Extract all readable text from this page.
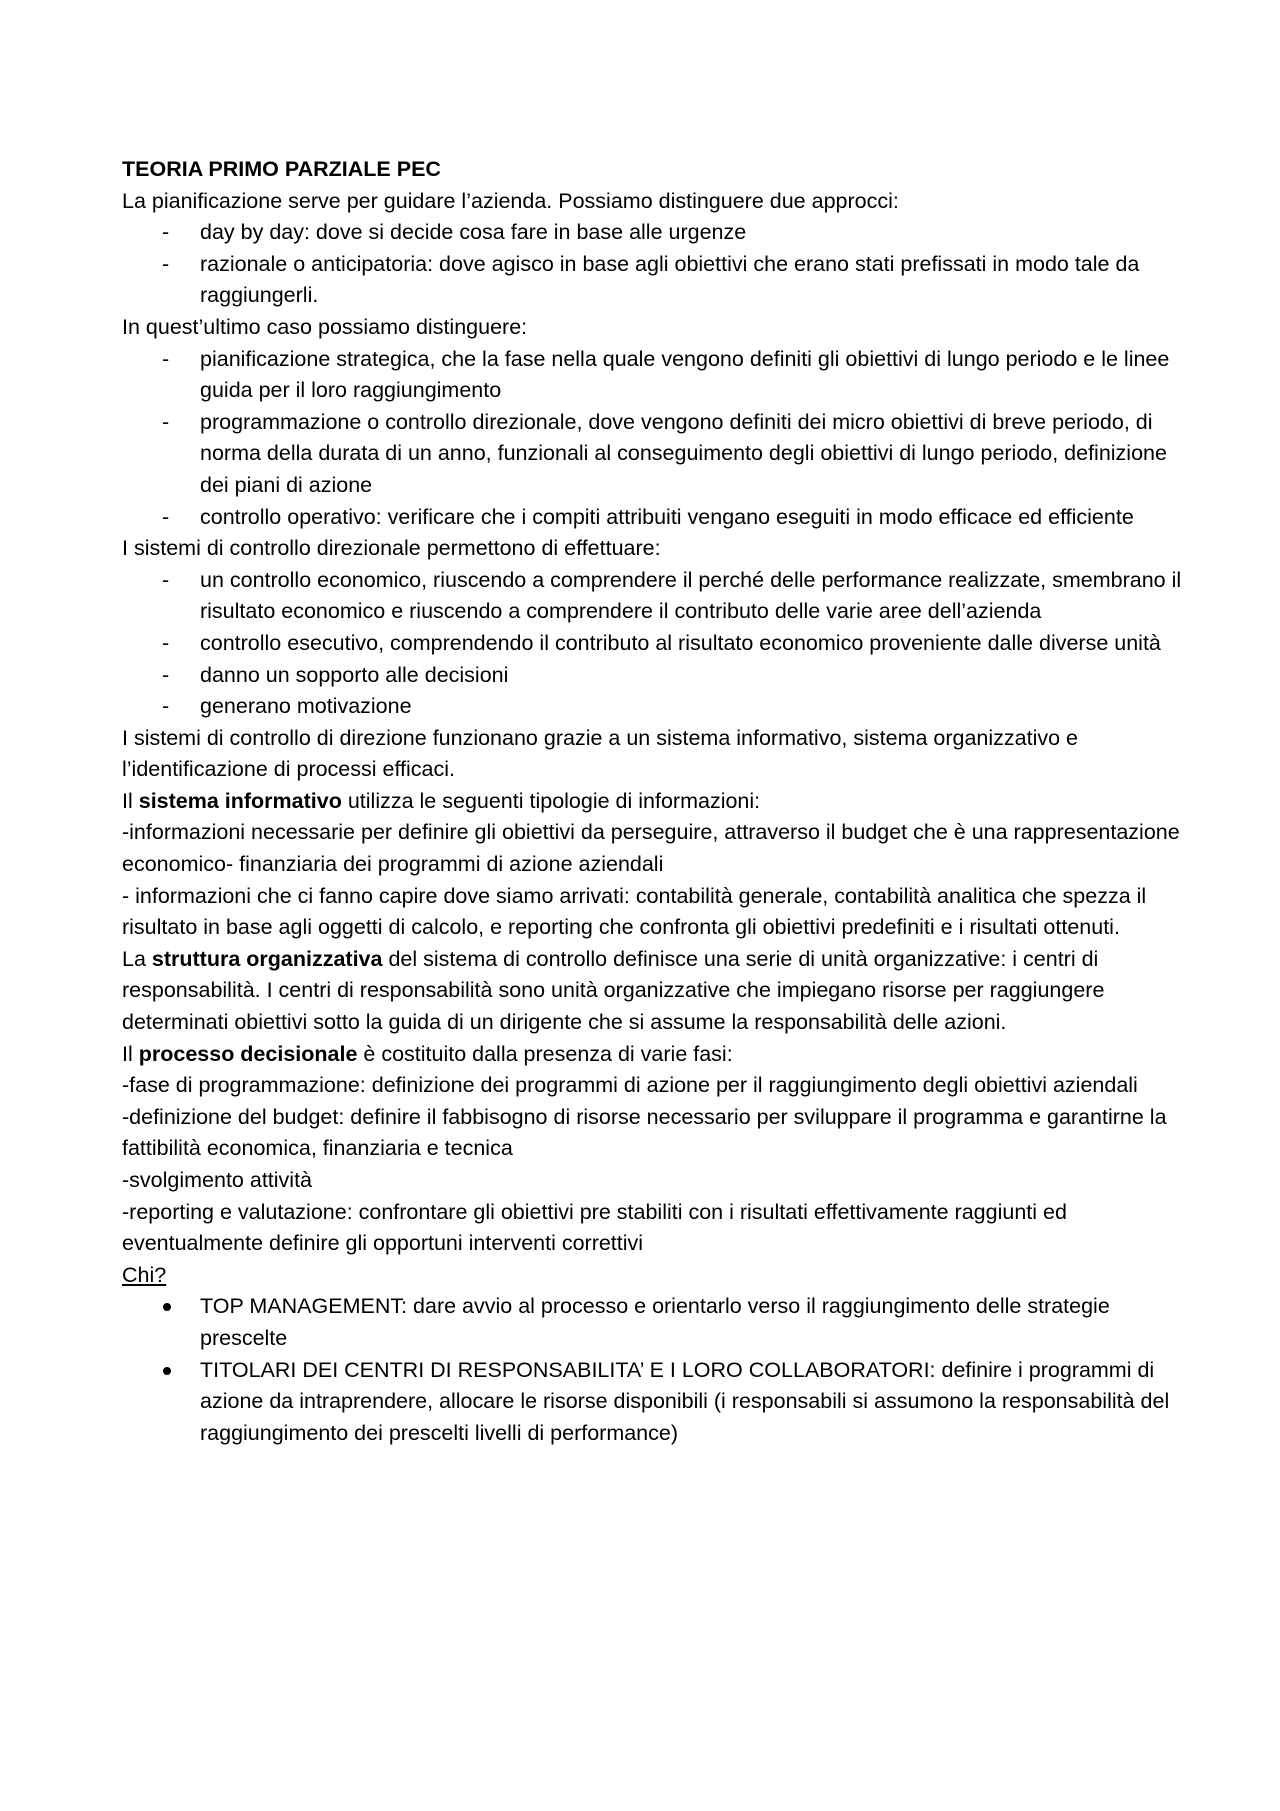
TEORIA PRIMO PARZIALE PEC

La pianificazione serve per guidare l’azienda. Possiamo distinguere due approcci:

-	day by day: dove si decide cosa fare in base alle urgenze
-	razionale o anticipatoria: dove agisco in base agli obiettivi che erano stati prefissati in modo tale da raggiungerli.

In quest’ultimo caso possiamo distinguere:

-	pianificazione strategica, che la fase nella quale vengono definiti gli obiettivi di lungo periodo e le linee guida per il loro raggiungimento
-	programmazione o controllo direzionale, dove vengono definiti dei micro obiettivi di breve periodo, di norma della durata di un anno, funzionali al conseguimento degli obiettivi di lungo periodo, definizione dei piani di azione
-	controllo operativo: verificare che i compiti attribuiti vengano eseguiti in modo efficace ed efficiente

I sistemi di controllo direzionale permettono di effettuare:

-	un controllo economico, riuscendo a comprendere il perché delle performance realizzate, smembrano il risultato economico e riuscendo a comprendere il contributo delle varie aree dell’azienda
-	controllo esecutivo, comprendendo il contributo al risultato economico proveniente dalle diverse unità
-	danno un sopporto alle decisioni
-	generano motivazione

I sistemi di controllo di direzione funzionano grazie a un sistema informativo, sistema organizzativo e l’identificazione di processi efficaci.

Il sistema informativo utilizza le seguenti tipologie di informazioni:

-informazioni necessarie per definire gli obiettivi da perseguire, attraverso il budget che è una rappresentazione economico- finanziaria dei programmi di azione aziendali

- informazioni che ci fanno capire dove siamo arrivati: contabilità generale, contabilità analitica che spezza il risultato in base agli oggetti di calcolo, e reporting che confronta gli obiettivi predefiniti e i risultati ottenuti.

La struttura organizzativa del sistema di controllo definisce una serie di unità organizzative: i centri di responsabilità. I centri di responsabilità sono unità organizzative che impiegano risorse per raggiungere determinati obiettivi sotto la guida di un dirigente che si assume la responsabilità delle azioni.

Il processo decisionale è costituito dalla presenza di varie fasi:

-fase di programmazione: definizione dei programmi di azione per il raggiungimento degli obiettivi aziendali

-definizione del budget: definire il fabbisogno di risorse necessario per sviluppare il programma e garantirne la fattibilità economica, finanziaria e tecnica

-svolgimento attività

-reporting e valutazione: confrontare gli obiettivi pre stabiliti con i risultati effettivamente raggiunti ed eventualmente definire gli opportuni interventi correttivi

Chi?

TOP MANAGEMENT: dare avvio al processo e orientarlo verso il raggiungimento delle strategie prescelte
TITOLARI DEI CENTRI DI RESPONSABILITA’ E I LORO COLLABORATORI: definire i programmi di azione da intraprendere, allocare le risorse disponibili (i responsabili si assumono la responsabilità del raggiungimento dei prescelti livelli di performance)
